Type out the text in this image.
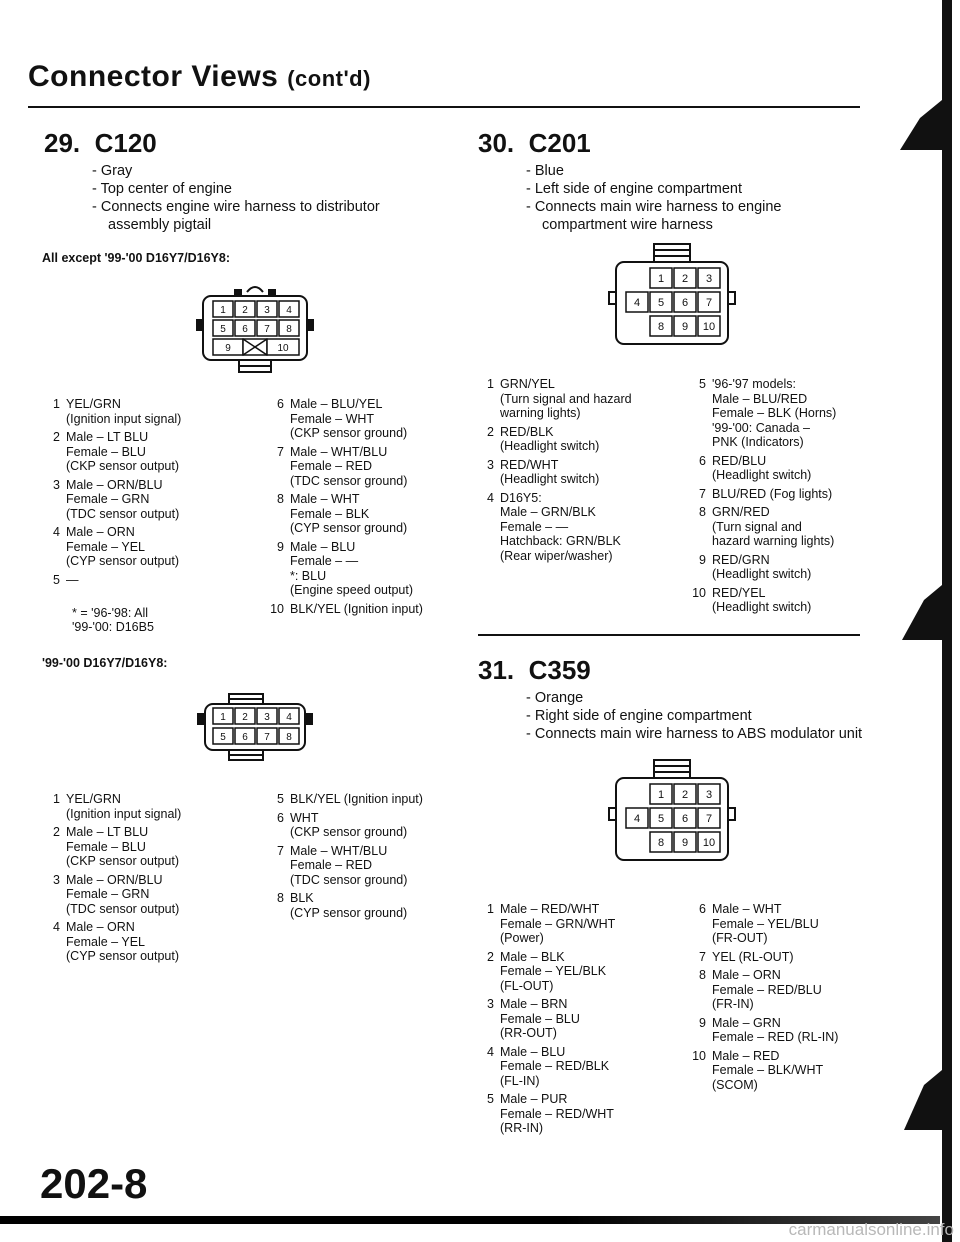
Connector Views (cont'd)
29. C120
- Gray
- Top center of engine
- Connects engine wire harness to distributor assembly pigtail
All except '99-'00 D16Y7/D16Y8:
1 2 3 4
5 6 7 8
9	10
1 YEL/GRN
(Ignition input signal)
2 Male – LT BLU
Female – BLU
(CKP sensor output)
3 Male – ORN/BLU
Female – GRN
(TDC sensor output)
4 Male – ORN
Female – YEL
(CYP sensor output)
5 —
* = '96-'98: All
'99-'00: D16B5
6 Male – BLU/YEL
Female – WHT
(CKP sensor ground)
7 Male – WHT/BLU
Female – RED
(TDC sensor ground)
8 Male – WHT
Female – BLK
(CYP sensor ground)
9 Male – BLU
Female – —
*: BLU
(Engine speed output)
10 BLK/YEL (Ignition input)
'99-'00 D16Y7/D16Y8:
1 2 3 4
5 6 7 8
1 YEL/GRN
(Ignition input signal)
2 Male – LT BLU
Female – BLU
(CKP sensor output)
3 Male – ORN/BLU
Female – GRN
(TDC sensor output)
4 Male – ORN
Female – YEL
(CYP sensor output)
5 BLK/YEL (Ignition input)
6 WHT
(CKP sensor ground)
7 Male – WHT/BLU
Female – RED
(TDC sensor ground)
8 BLK
(CYP sensor ground)
30. C201
- Blue
- Left side of engine compartment
- Connects main wire harness to engine compartment wire harness
1 2 3
4 5 6 7
8 9 10
1 GRN/YEL
(Turn signal and hazard
warning lights)
2 RED/BLK
(Headlight switch)
3 RED/WHT
(Headlight switch)
4 D16Y5:
Male – GRN/BLK
Female – —
Hatchback: GRN/BLK
(Rear wiper/washer)
5 '96-'97 models:
Male – BLU/RED
Female – BLK (Horns)
'99-'00: Canada –
PNK (Indicators)
6 RED/BLU
(Headlight switch)
7 BLU/RED (Fog lights)
8 GRN/RED
(Turn signal and
hazard warning lights)
9 RED/GRN
(Headlight switch)
10 RED/YEL
(Headlight switch)
31. C359
- Orange
- Right side of engine compartment
- Connects main wire harness to ABS modulator unit
1 2 3
4 5 6 7
8 9 10
1 Male – RED/WHT
Female – GRN/WHT
(Power)
2 Male – BLK
Female – YEL/BLK
(FL-OUT)
3 Male – BRN
Female – BLU
(RR-OUT)
4 Male – BLU
Female – RED/BLK
(FL-IN)
5 Male – PUR
Female – RED/WHT
(RR-IN)
6 Male – WHT
Female – YEL/BLU
(FR-OUT)
7 YEL (RL-OUT)
8 Male – ORN
Female – RED/BLU
(FR-IN)
9 Male – GRN
Female – RED (RL-IN)
10 Male – RED
Female – BLK/WHT
(SCOM)
202-8
carmanualsonline.info
